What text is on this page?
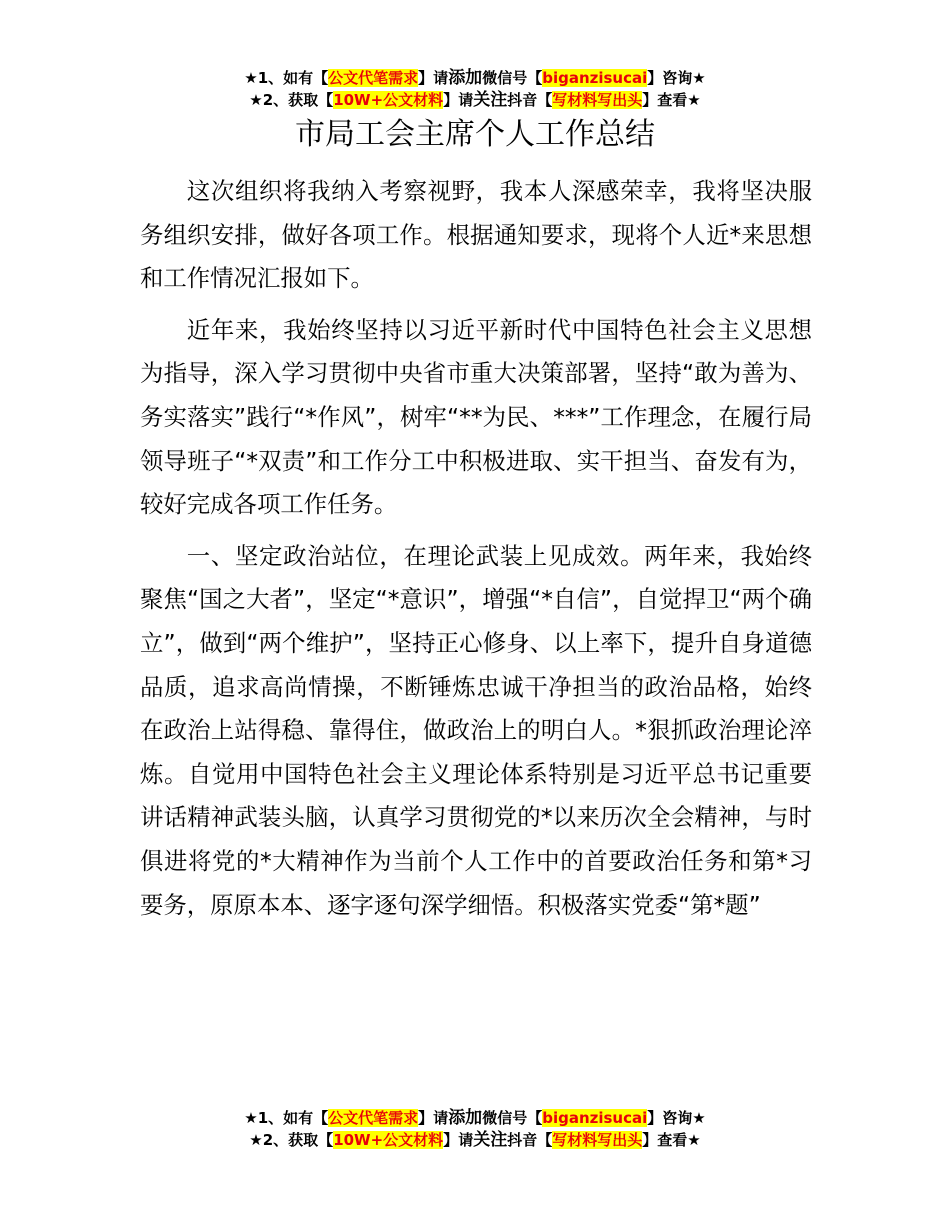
★1、如有【公文代笔需求】请添加微信号【biganzisucai】咨询★
★2、获取【10W+公文材料】请关注抖音【写材料写出头】查看★
市局工会主席个人工作总结

这次组织将我纳入考察视野，我本人深感荣幸，我将坚决服务组织安排，做好各项工作。根据通知要求，现将个人近*来思想和工作情况汇报如下。

近年来，我始终坚持以习近平新时代中国特色社会主义思想为指导，深入学习贯彻中央省市重大决策部署，坚持“敢为善为、务实落实”践行“*作风”，树牢“**为民、***”工作理念，在履行局领导班子“*双责”和工作分工中积极进取、实干担当、奋发有为，较好完成各项工作任务。

一、坚定政治站位，在理论武装上见成效。两年来，我始终聚焦“国之大者”，坚定“*意识”，增强“*自信”，自觉捍卫“两个确立”，做到“两个维护”，坚持正心修身、以上率下，提升自身道德品质，追求高尚情操，不断锤炼忠诚干净担当的政治品格，始终在政治上站得稳、靠得住，做政治上的明白人。*狠抓政治理论淬炼。自觉用中国特色社会主义理论体系特别是习近平总书记重要讲话精神武装头脑，认真学习贯彻党的*以来历次全会精神，与时俱进将党的*大精神作为当前个人工作中的首要政治任务和第*习要务，原原本本、逐字逐句深学细悟。积极落实党委“第*题”

★1、如有【公文代笔需求】请添加微信号【biganzisucai】咨询★
★2、获取【10W+公文材料】请关注抖音【写材料写出头】查看★
